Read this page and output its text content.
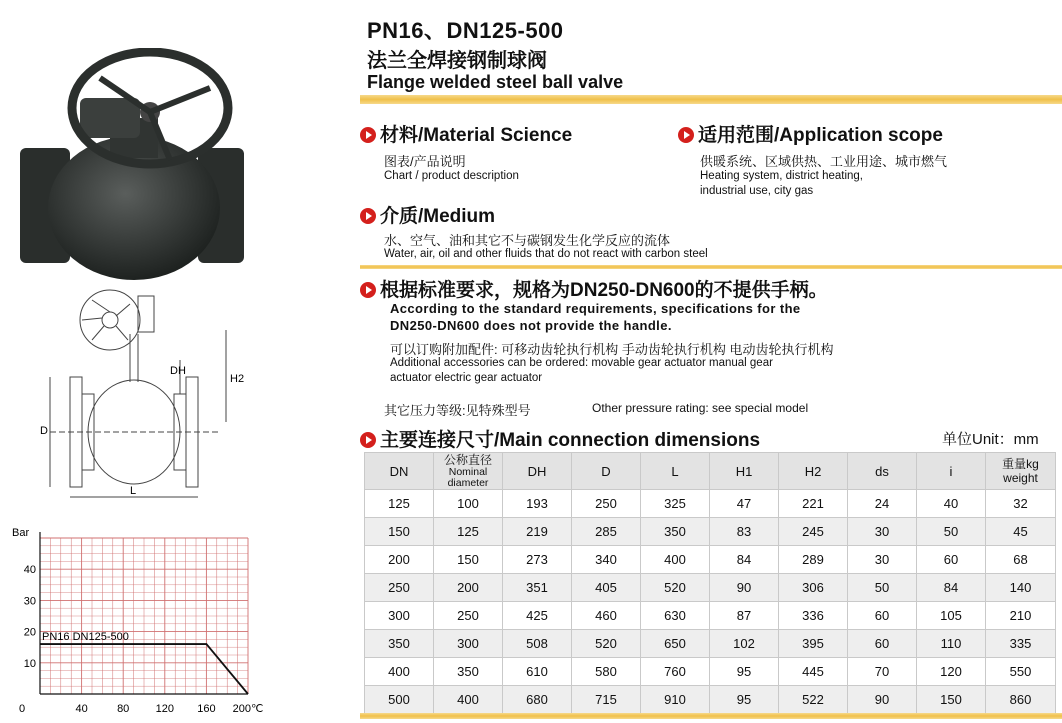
D
DH
H2
L
Bar
10
20
30
40
0	40	80 120 160 200℃
PN16 DN125-500
PN16、DN125-500
法兰全焊接钢制球阀
Flange welded steel ball valve
材料/Material Science
图表/产品说明
Chart / product description
适用范围/Application scope
供暖系统、区域供热、工业用途、城市燃气
Heating system, district heating,
industrial use, city gas
介质/Medium
水、空气、油和其它不与碳钢发生化学反应的流体
Water, air, oil and other fluids that do not react with carbon steel
根据标准要求，规格为DN250-DN600的不提供手柄。
According to the standard requirements, specifications for the
DN250-DN600 does not provide the handle.
可以订购附加配件: 可移动齿轮执行机构 手动齿轮执行机构 电动齿轮执行机构
Additional accessories can be ordered: movable gear actuator manual gear
actuator electric gear actuator
其它压力等级:见特殊型号	Other pressure rating: see special model
主要连接尺寸/Main connection dimensions	单位Unit：mm
DN	公称直径
Nominal
diameter	DH	D	L	H1	H2	ds	i	重量kg
weight

125	100	193	250	325	47	221	24	40	32
150	125	219	285	350	83	245	30	50	45
200	150	273	340	400	84	289	30	60	68
250	200	351	405	520	90	306	50	84	140
300	250	425	460	630	87	336	60	105	210
350	300	508	520	650	102	395	60	110	335
400	350	610	580	760	95	445	70	120	550
500	400	680	715	910	95	522	90	150	860
